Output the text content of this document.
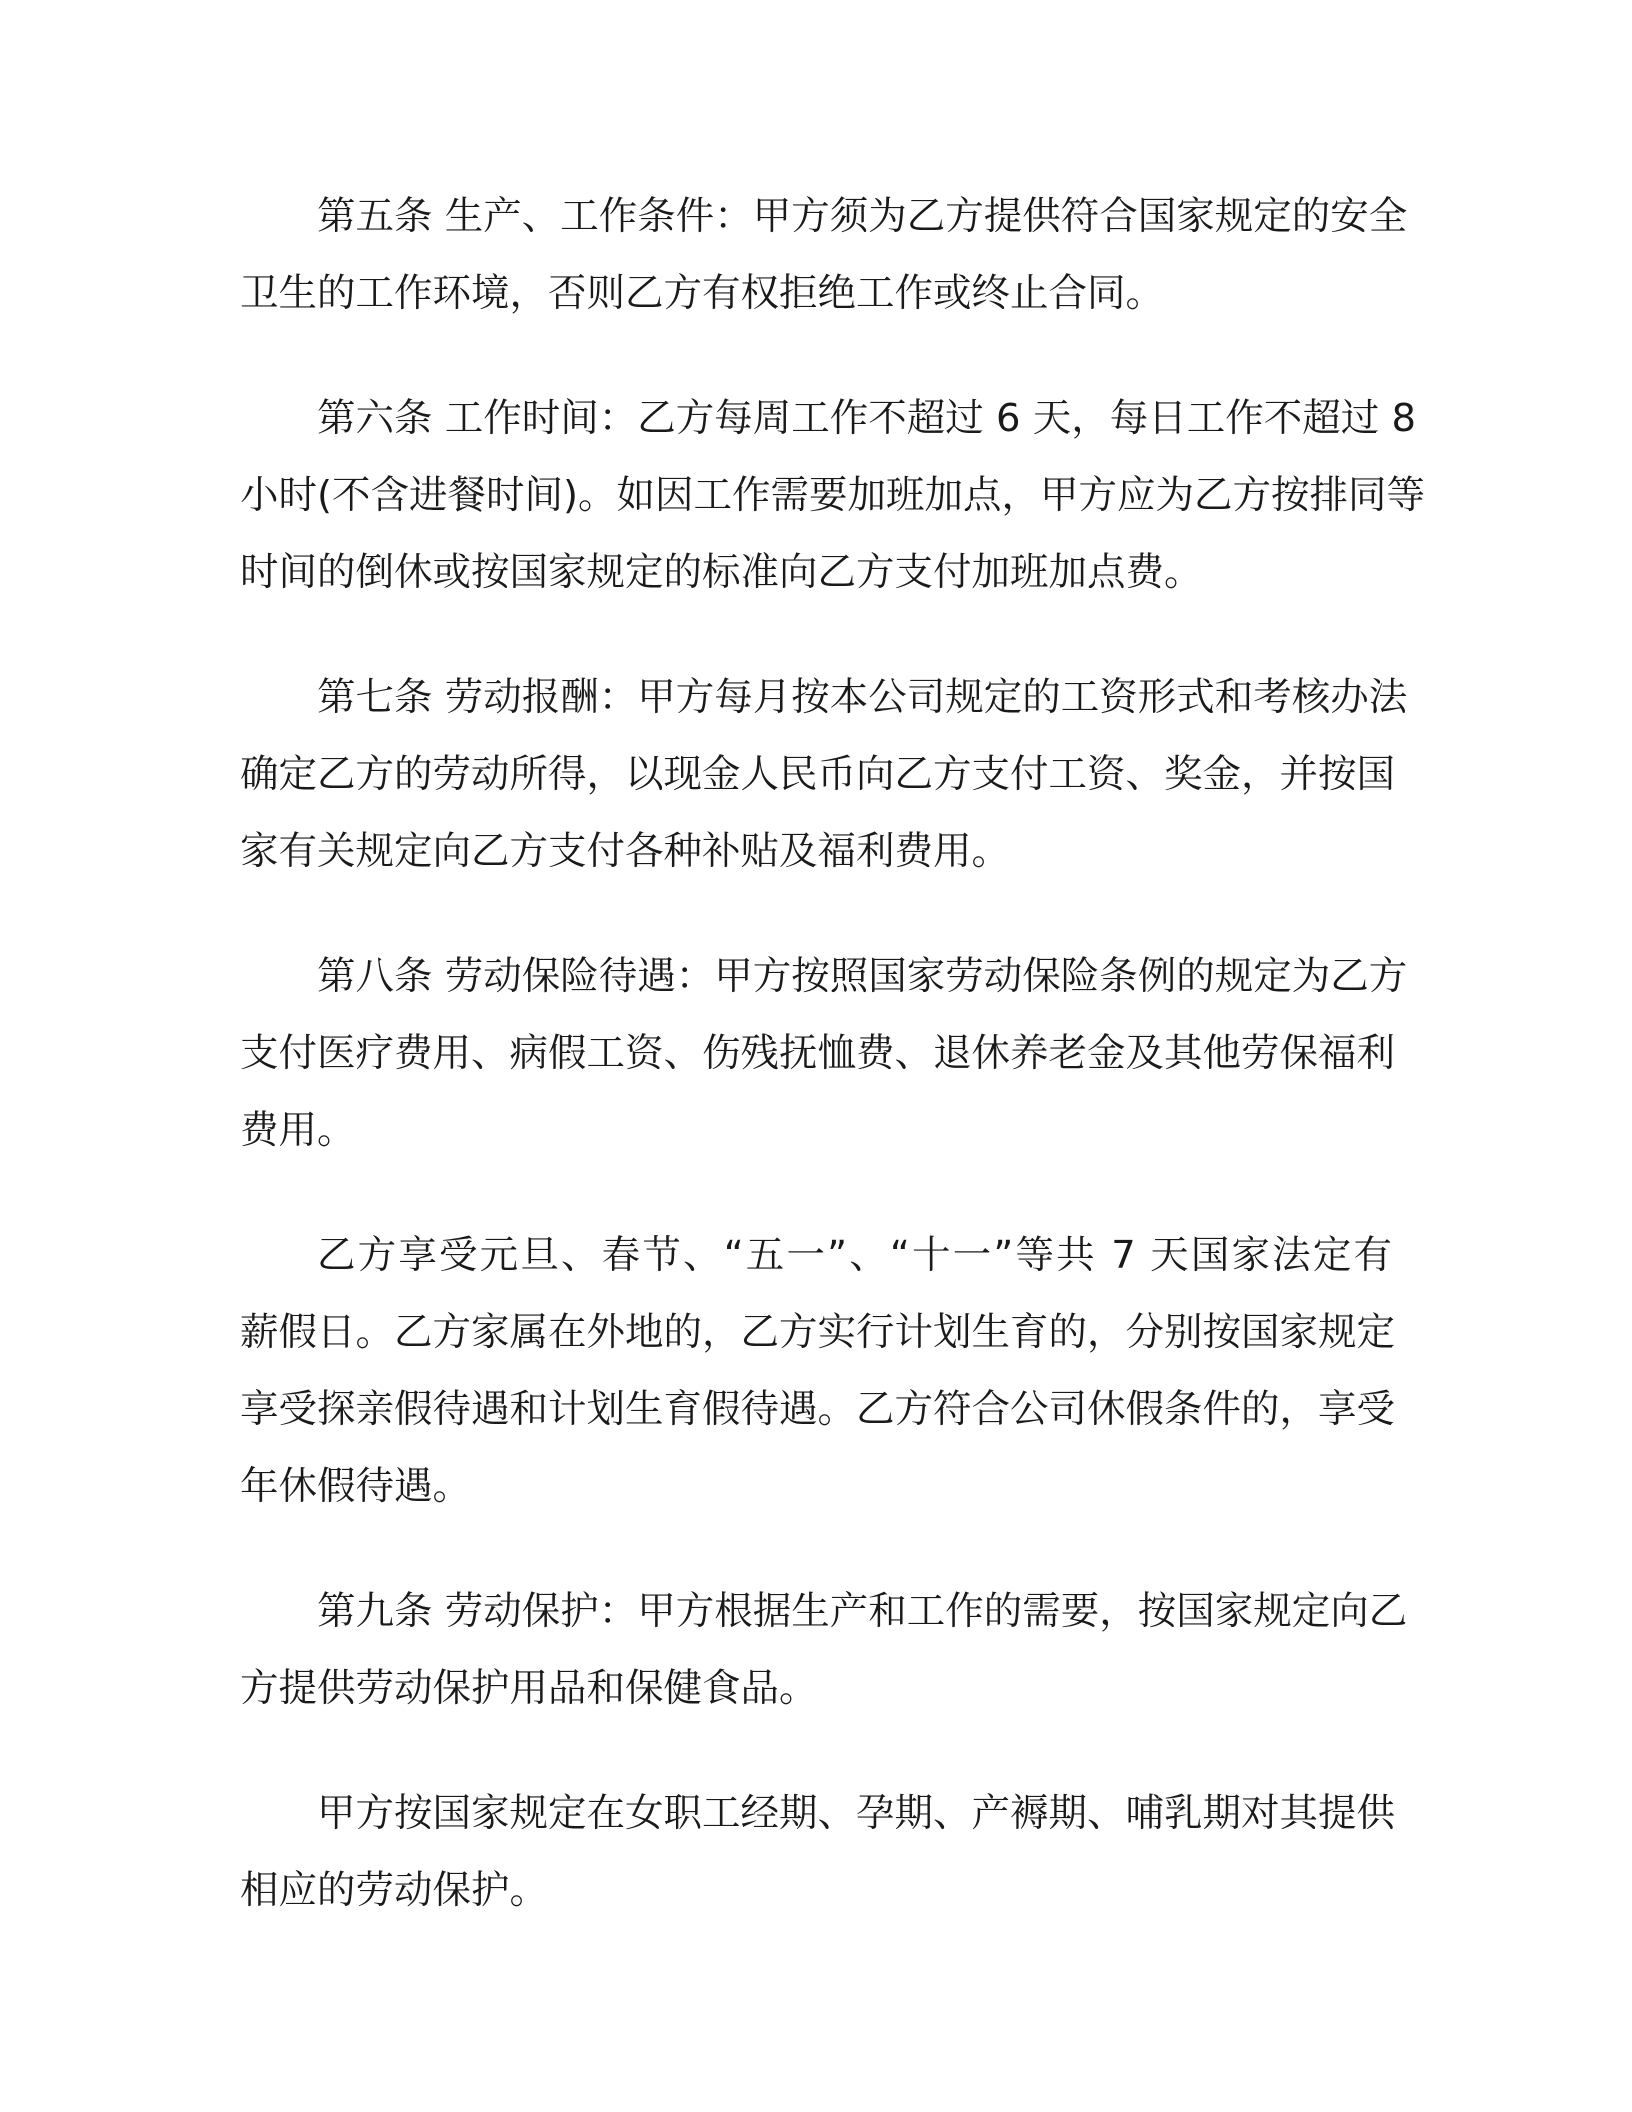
第五条 生产、工作条件：甲方须为乙方提供符合国家规定的安全
卫生的工作环境，否则乙方有权拒绝工作或终止合同。
第六条 工作时间：乙方每周工作不超过 6 天，每日工作不超过 8
小时(不含进餐时间)。如因工作需要加班加点，甲方应为乙方按排同等
时间的倒休或按国家规定的标准向乙方支付加班加点费。
第七条 劳动报酬：甲方每月按本公司规定的工资形式和考核办法
确定乙方的劳动所得，以现金人民币向乙方支付工资、奖金，并按国
家有关规定向乙方支付各种补贴及福利费用。
第八条 劳动保险待遇：甲方按照国家劳动保险条例的规定为乙方
支付医疗费用、病假工资、伤残抚恤费、退休养老金及其他劳保福利
费用。
乙方享受元旦、春节、“五一”、“十一”等共 7 天国家法定有
薪假日。乙方家属在外地的，乙方实行计划生育的，分别按国家规定
享受探亲假待遇和计划生育假待遇。乙方符合公司休假条件的，享受
年休假待遇。
第九条 劳动保护：甲方根据生产和工作的需要，按国家规定向乙
方提供劳动保护用品和保健食品。
甲方按国家规定在女职工经期、孕期、产褥期、哺乳期对其提供
相应的劳动保护。
